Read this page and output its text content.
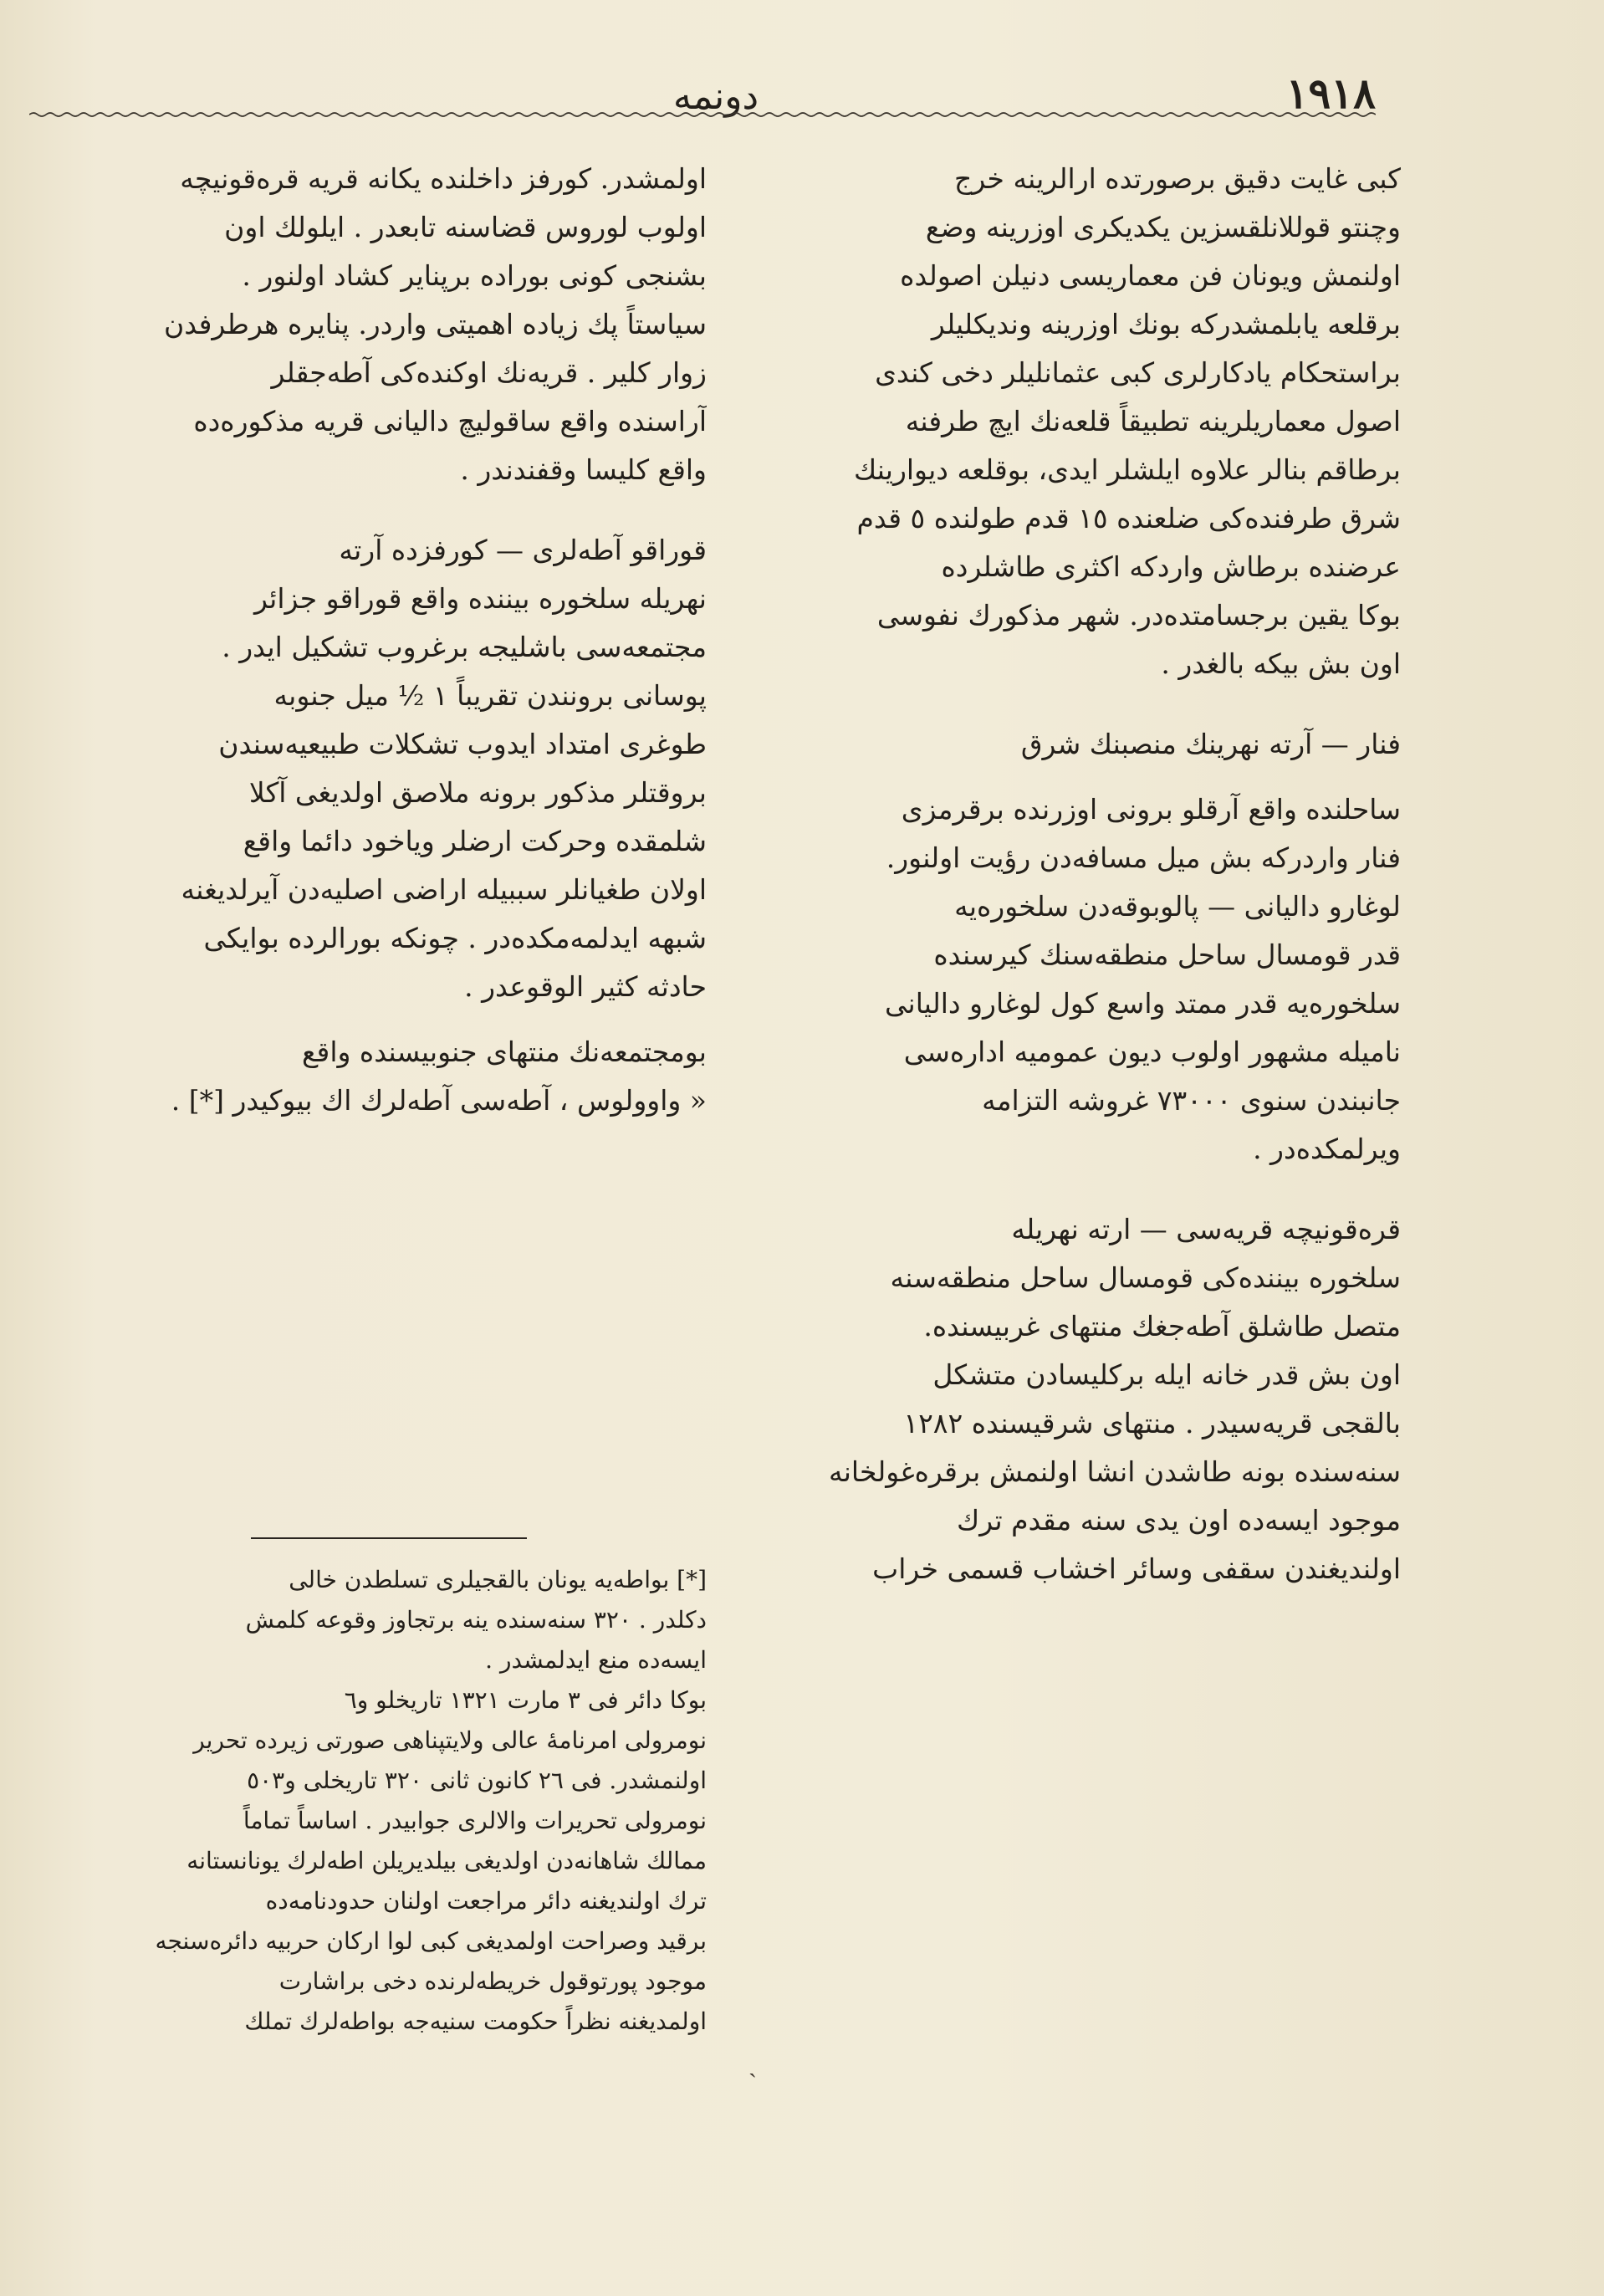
١٩١٨
دونمه

كبى غايت دقيق برصورتده ارالرينه خرج

وچنتو قوللانلقسزين يكديكرى اوزرينه وضع

اولنمش ويونان فن معماريسى دنيلن اصولده

برقلعه يابلمشدركه بونك اوزرينه ونديكليلر

براستحكام يادكارلرى كبى عثمانليلر دخى كندى

اصول معماريلرينه تطبيقاً قلعه‌نك ايچ طرفنه

برطاقم بنالر علاوه ايلشلر ايدى، بوقلعه ديوارينك

شرق طرفنده‌كى ضلعنده ١٥ قدم طولنده ٥ قدم

عرضنده برطاش واردكه اكثرى طاشلرده

بوكا يقين برجسامتده‌در. شهر مذكورك نفوسى

اون بش بيكه بالغدر .

فنار — آرته نهرينك منصبنك شرق

ساحلنده واقع آرقلو برونى اوزرنده برقرمزى

فنار واردركه بش ميل مسافه‌دن رؤيت اولنور.

لوغارو داليانى — پالوبوقه‌دن سلخوره‌يه

قدر قومسال ساحل منطقه‌سنك كيرسنده

سلخوره‌يه قدر ممتد واسع كول لوغارو داليانى

ناميله مشهور اولوب ديون عموميه اداره‌سى

جانبندن سنوى ٧٣٠٠٠ غروشه التزامه

ويرلمكده‌در .

قره‌قونيچه قريه‌سى — ارته نهريله

سلخوره بيننده‌كى قومسال ساحل منطقه‌سنه

متصل طاشلق آطه‌جغك منتهاى غربيسنده.

اون بش قدر خانه ايله بركليسادن متشكل

بالقجى قريه‌سيدر . منتهاى شرقيسنده ١٢٨٢

سنه‌سنده بونه طاشدن انشا اولنمش برقره‌غولخانه

موجود ايسه‌ده اون يدى سنه مقدم ترك

اولنديغندن سقفى وسائر اخشاب قسمى خراب

اولمشدر. كورفز داخلنده يكانه قريه قره‌قونيچه

اولوب لوروس قضاسنه تابعدر . ايلولك اون

بشنجى كونى بوراده برپناير كشاد اولنور .

سياستاً پك زياده اهميتى واردر. پنايره هرطرفدن

زوار كلير . قريه‌نك اوكنده‌كى آطه‌جقلر

آراسنده واقع ساقوليچ داليانى قريه مذكوره‌ده

واقع كليسا وقفندندر .

قوراقو آطه‌لرى — كورفزده آرته

نهريله سلخوره بيننده واقع قوراقو جزائر

مجتمعه‌سى باشليجه برغروب تشكيل ايدر .

پوسانى برونندن تقريباً ١ ½ ميل جنوبه

طوغرى امتداد ايدوب تشكلات طبيعيه‌سندن

بروقتلر مذكور برونه ملاصق اولديغى آكلا

شلمقده وحركت ارضلر وياخود دائما واقع

اولان طغيانلر سببيله اراضى اصليه‌دن آيرلديغنه

شبهه ايدلمه‌مكده‌در . چونكه بورالرده بوايكى

حادثه كثير الوقوعدر .

بومجتمعه‌نك منتهاى جنوبيسنده واقع

« واوولوس ، آطه‌سى آطه‌لرك اك بيوكيدر [*] .

[*] بواطه‌يه يونان بالقجيلرى تسلطدن خالى

دكلدر . ٣٢٠ سنه‌سنده ينه برتجاوز وقوعه كلمش

ايسه‌ده منع ايدلمشدر .

بوكا دائر فى ٣ مارت ١٣٢١ تاريخلو و٦

نومرولى امرنامهٔ عالى ولايتپناهى صورتى زيرده تحرير

اولنمشدر. فى ٢٦ كانون ثانى ٣٢٠ تاريخلى و٥٠٣

نومرولى تحريرات والالرى جوابيدر . اساساً تماماً

ممالك شاهانه‌دن اولديغى بيلديريلن اطه‌لرك يونانستانه

ترك اولنديغنه دائر مراجعت اولنان حدودنامه‌ده

برقيد وصراحت اولمديغى كبى لوا اركان حربيه دائره‌سنجه

موجود پورتوقول خريطه‌لرنده دخى براشارت

اولمديغنه نظراً حكومت سنيه‌جه بواطه‌لرك تملك

ˏ
